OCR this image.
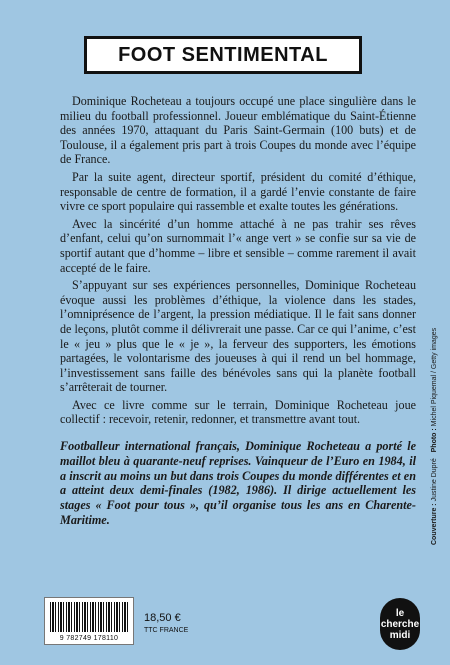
FOOT SENTIMENTAL

Dominique Rocheteau a toujours occupé une place singulière dans le milieu du football professionnel. Joueur emblématique du Saint-Étienne des années 1970, attaquant du Paris Saint-Germain (100 buts) et de Toulouse, il a également pris part à trois Coupes du monde avec l’équipe de France.

Par la suite agent, directeur sportif, président du comité d’éthique, responsable de centre de formation, il a gardé l’envie constante de faire vivre ce sport populaire qui rassemble et exalte toutes les générations.

Avec la sincérité d’un homme attaché à ne pas trahir ses rêves d’enfant, celui qu’on surnommait l’« ange vert » se confie sur sa vie de sportif autant que d’homme – libre et sensible – comme rarement il avait accepté de le faire.

S’appuyant sur ses expériences personnelles, Dominique Rocheteau évoque aussi les problèmes d’éthique, la violence dans les stades, l’omniprésence de l’argent, la pression médiatique. Il le fait sans donner de leçons, plutôt comme il délivrerait une passe. Car ce qui l’anime, c’est le « jeu » plus que le « je », la ferveur des supporters, les émotions partagées, le volontarisme des joueuses à qui il rend un bel hommage, l’investissement sans faille des bénévoles sans qui la planète football s’arrêterait de tourner.

Avec ce livre comme sur le terrain, Dominique Rocheteau joue collectif : recevoir, retenir, redonner, et transmettre avant tout.

Footballeur international français, Dominique Rocheteau a porté le maillot bleu à quarante-neuf reprises. Vainqueur de l’Euro en 1984, il a inscrit au moins un but dans trois Coupes du monde différentes et en a atteint deux demi-finales (1982, 1986). Il dirige actuellement les stages « Foot pour tous », qu’il organise tous les ans en Charente-Maritime.	Couverture : Justine Dupré   Photo : Michel Piquemal / Getty images
9 782749 178110
18,50 €
TTC FRANCE
le
cherche
midi
